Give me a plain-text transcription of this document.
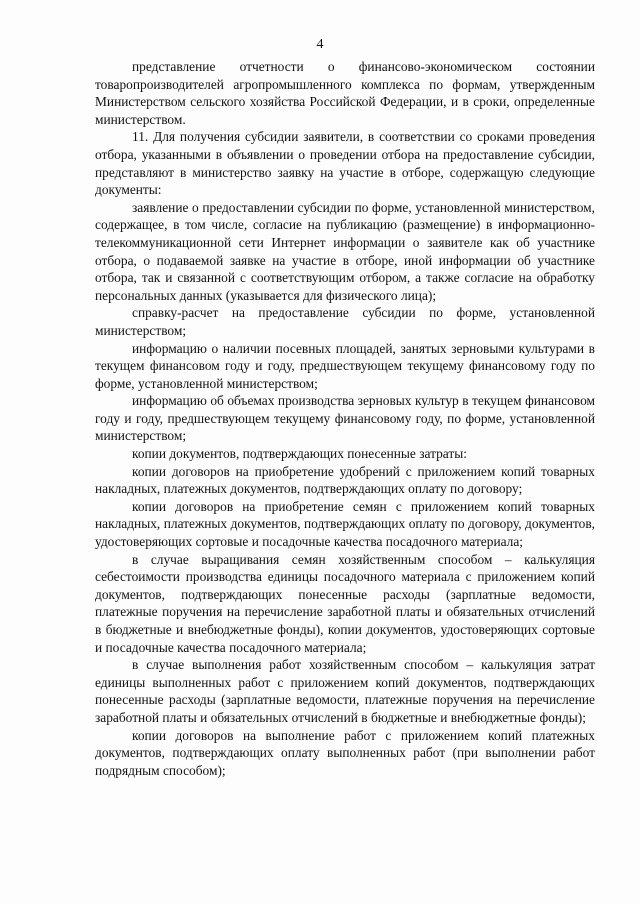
4

представление отчетности о финансово-экономическом состоянии товаропроизводителей агропромышленного комплекса по формам, утвержденным Министерством сельского хозяйства Российской Федерации, и в сроки, определенные министерством.

11. Для получения субсидии заявители, в соответствии со сроками проведения отбора, указанными в объявлении о проведении отбора на предоставление субсидии, представляют в министерство заявку на участие в отборе, содержащую следующие документы:

заявление о предоставлении субсидии по форме, установленной министерством, содержащее, в том числе, согласие на публикацию (размещение) в информационно-телекоммуникационной сети Интернет информации о заявителе как об участнике отбора, о подаваемой заявке на участие в отборе, иной информации об участнике отбора, так и связанной с соответствующим отбором, а также согласие на обработку персональных данных (указывается для физического лица);

справку-расчет на предоставление субсидии по форме, установленной министерством;

информацию о наличии посевных площадей, занятых зерновыми культурами в текущем финансовом году и году, предшествующем текущему финансовому году по форме, установленной министерством;

информацию об объемах производства зерновых культур в текущем финансовом году и году, предшествующем текущему финансовому году, по форме, установленной министерством;

копии документов, подтверждающих понесенные затраты:

копии договоров на приобретение удобрений с приложением копий товарных накладных, платежных документов, подтверждающих оплату по договору;

копии договоров на приобретение семян с приложением копий товарных накладных, платежных документов, подтверждающих оплату по договору, документов, удостоверяющих сортовые и посадочные качества посадочного материала;

в случае выращивания семян хозяйственным способом – калькуляция себестоимости производства единицы посадочного материала с приложением копий документов, подтверждающих понесенные расходы (зарплатные ведомости, платежные поручения на перечисление заработной платы и обязательных отчислений в бюджетные и внебюджетные фонды), копии документов, удостоверяющих сортовые и посадочные качества посадочного материала;

в случае выполнения работ хозяйственным способом – калькуляция затрат единицы выполненных работ с приложением копий документов, подтверждающих понесенные расходы (зарплатные ведомости, платежные поручения на перечисление заработной платы и обязательных отчислений в бюджетные и внебюджетные фонды);

копии договоров на выполнение работ с приложением копий платежных документов, подтверждающих оплату выполненных работ (при выполнении работ подрядным способом);
